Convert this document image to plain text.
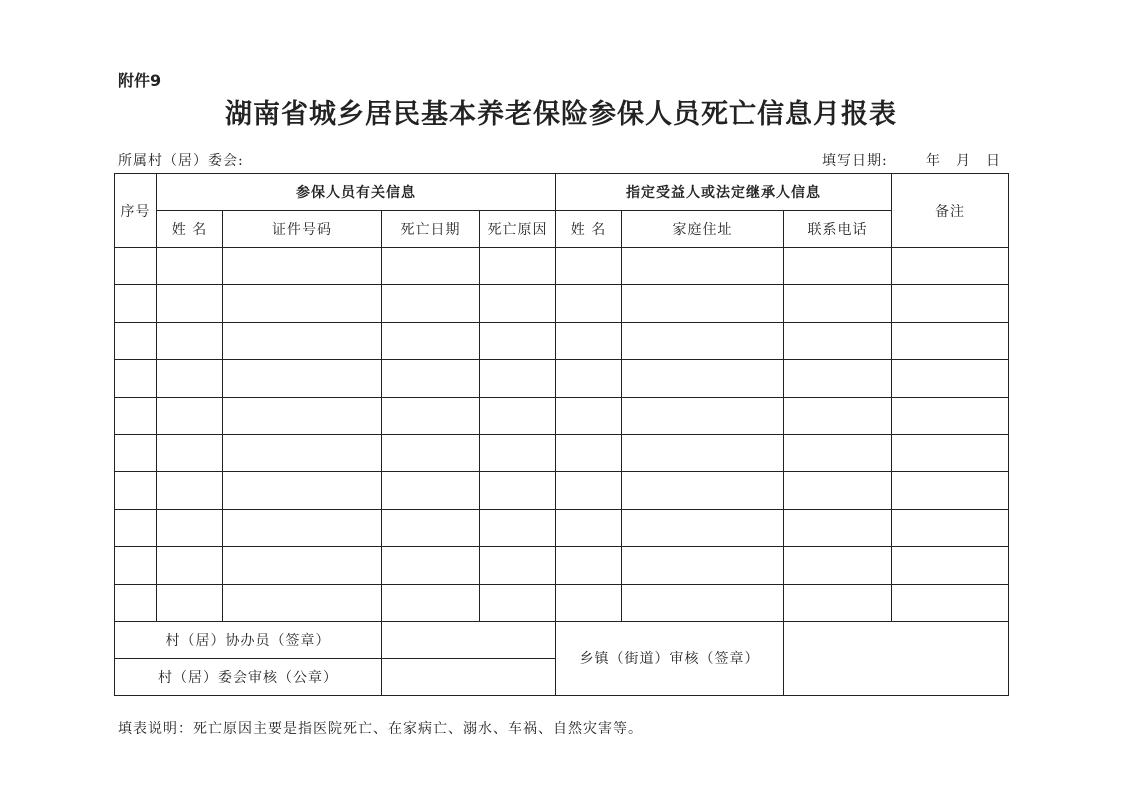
附件9
湖南省城乡居民基本养老保险参保人员死亡信息月报表
所属村（居）委会:	填写日期:	年 月 日
序号	参保人员有关信息				指定受益人或法定继承人信息			备注
	姓 名	证件号码	死亡日期	死亡原因	姓 名	家庭住址	联系电话	

村（居）协办员（签章）					乡镇（街道）审核（签章）			
村（居）委会审核（公章）								
填表说明：死亡原因主要是指医院死亡、在家病亡、溺水、车祸、自然灾害等。
